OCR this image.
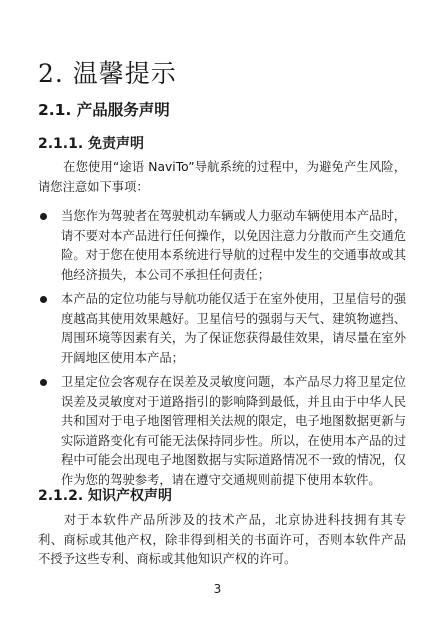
2. 温馨提示
2.1. 产品服务声明
2.1.1. 免责声明

在您使用“途语 NaviTo”导航系统的过程中，为避免产生风险，请您注意如下事项：

当您作为驾驶者在驾驶机动车辆或人力驱动车辆使用本产品时，请不要对本产品进行任何操作，以免因注意力分散而产生交通危险。对于您在使用本系统进行导航的过程中发生的交通事故或其他经济损失，本公司不承担任何责任；
本产品的定位功能与导航功能仅适于在室外使用，卫星信号的强度越高其使用效果越好。卫星信号的强弱与天气、建筑物遮挡、周围环境等因素有关，为了保证您获得最佳效果，请尽量在室外开阔地区使用本产品；
卫星定位会客观存在误差及灵敏度问题，本产品尽力将卫星定位误差及灵敏度对于道路指引的影响降到最低，并且由于中华人民共和国对于电子地图管理相关法规的限定，电子地图数据更新与实际道路变化有可能无法保持同步性。所以，在使用本产品的过程中可能会出现电子地图数据与实际道路情况不一致的情况，仅作为您的驾驶参考，请在遵守交通规则前提下使用本软件。
2.1.2. 知识产权声明

对于本软件产品所涉及的技术产品，北京协进科技拥有其专利、商标或其他产权，除非得到相关的书面许可，否则本软件产品不授予这些专利、商标或其他知识产权的许可。

3
